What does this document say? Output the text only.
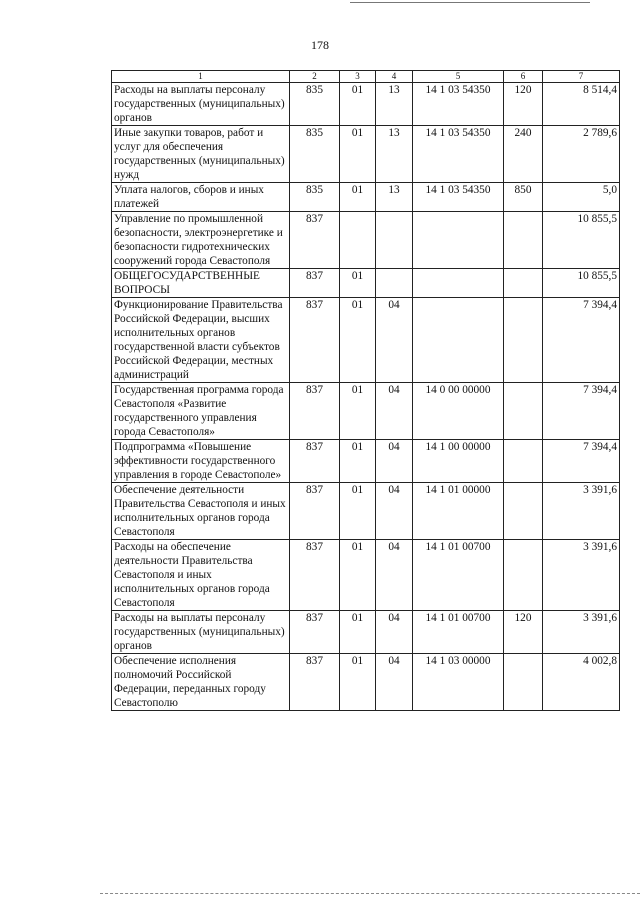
178
1	2	3	4	5	6	7
Расходы на выплаты персоналу государственных (муниципальных) органов	835	01	13	14 1 03 54350	120	8 514,4
Иные закупки товаров, работ и услуг для обеспечения государственных (муниципальных) нужд	835	01	13	14 1 03 54350	240	2 789,6
Уплата налогов, сборов и иных платежей	835	01	13	14 1 03 54350	850	5,0
Управление по промышленной безопасности, электроэнергетике и безопасности гидротехнических сооружений города Севастополя	837					10 855,5
ОБЩЕГОСУДАРСТВЕННЫЕ ВОПРОСЫ	837	01				10 855,5
Функционирование Правительства Российской Федерации, высших исполнительных органов государственной власти субъектов Российской Федерации, местных администраций	837	01	04			7 394,4
Государственная программа города Севастополя «Развитие государственного управления города Севастополя»	837	01	04	14 0 00 00000		7 394,4
Подпрограмма «Повышение эффективности государственного управления в городе Севастополе»	837	01	04	14 1 00 00000		7 394,4
Обеспечение деятельности Правительства Севастополя и иных исполнительных органов города Севастополя	837	01	04	14 1 01 00000		3 391,6
Расходы на обеспечение деятельности Правительства Севастополя и иных исполнительных органов города Севастополя	837	01	04	14 1 01 00700		3 391,6
Расходы на выплаты персоналу государственных (муниципальных) органов	837	01	04	14 1 01 00700	120	3 391,6
Обеспечение исполнения полномочий Российской Федерации, переданных городу Севастополю	837	01	04	14 1 03 00000		4 002,8
